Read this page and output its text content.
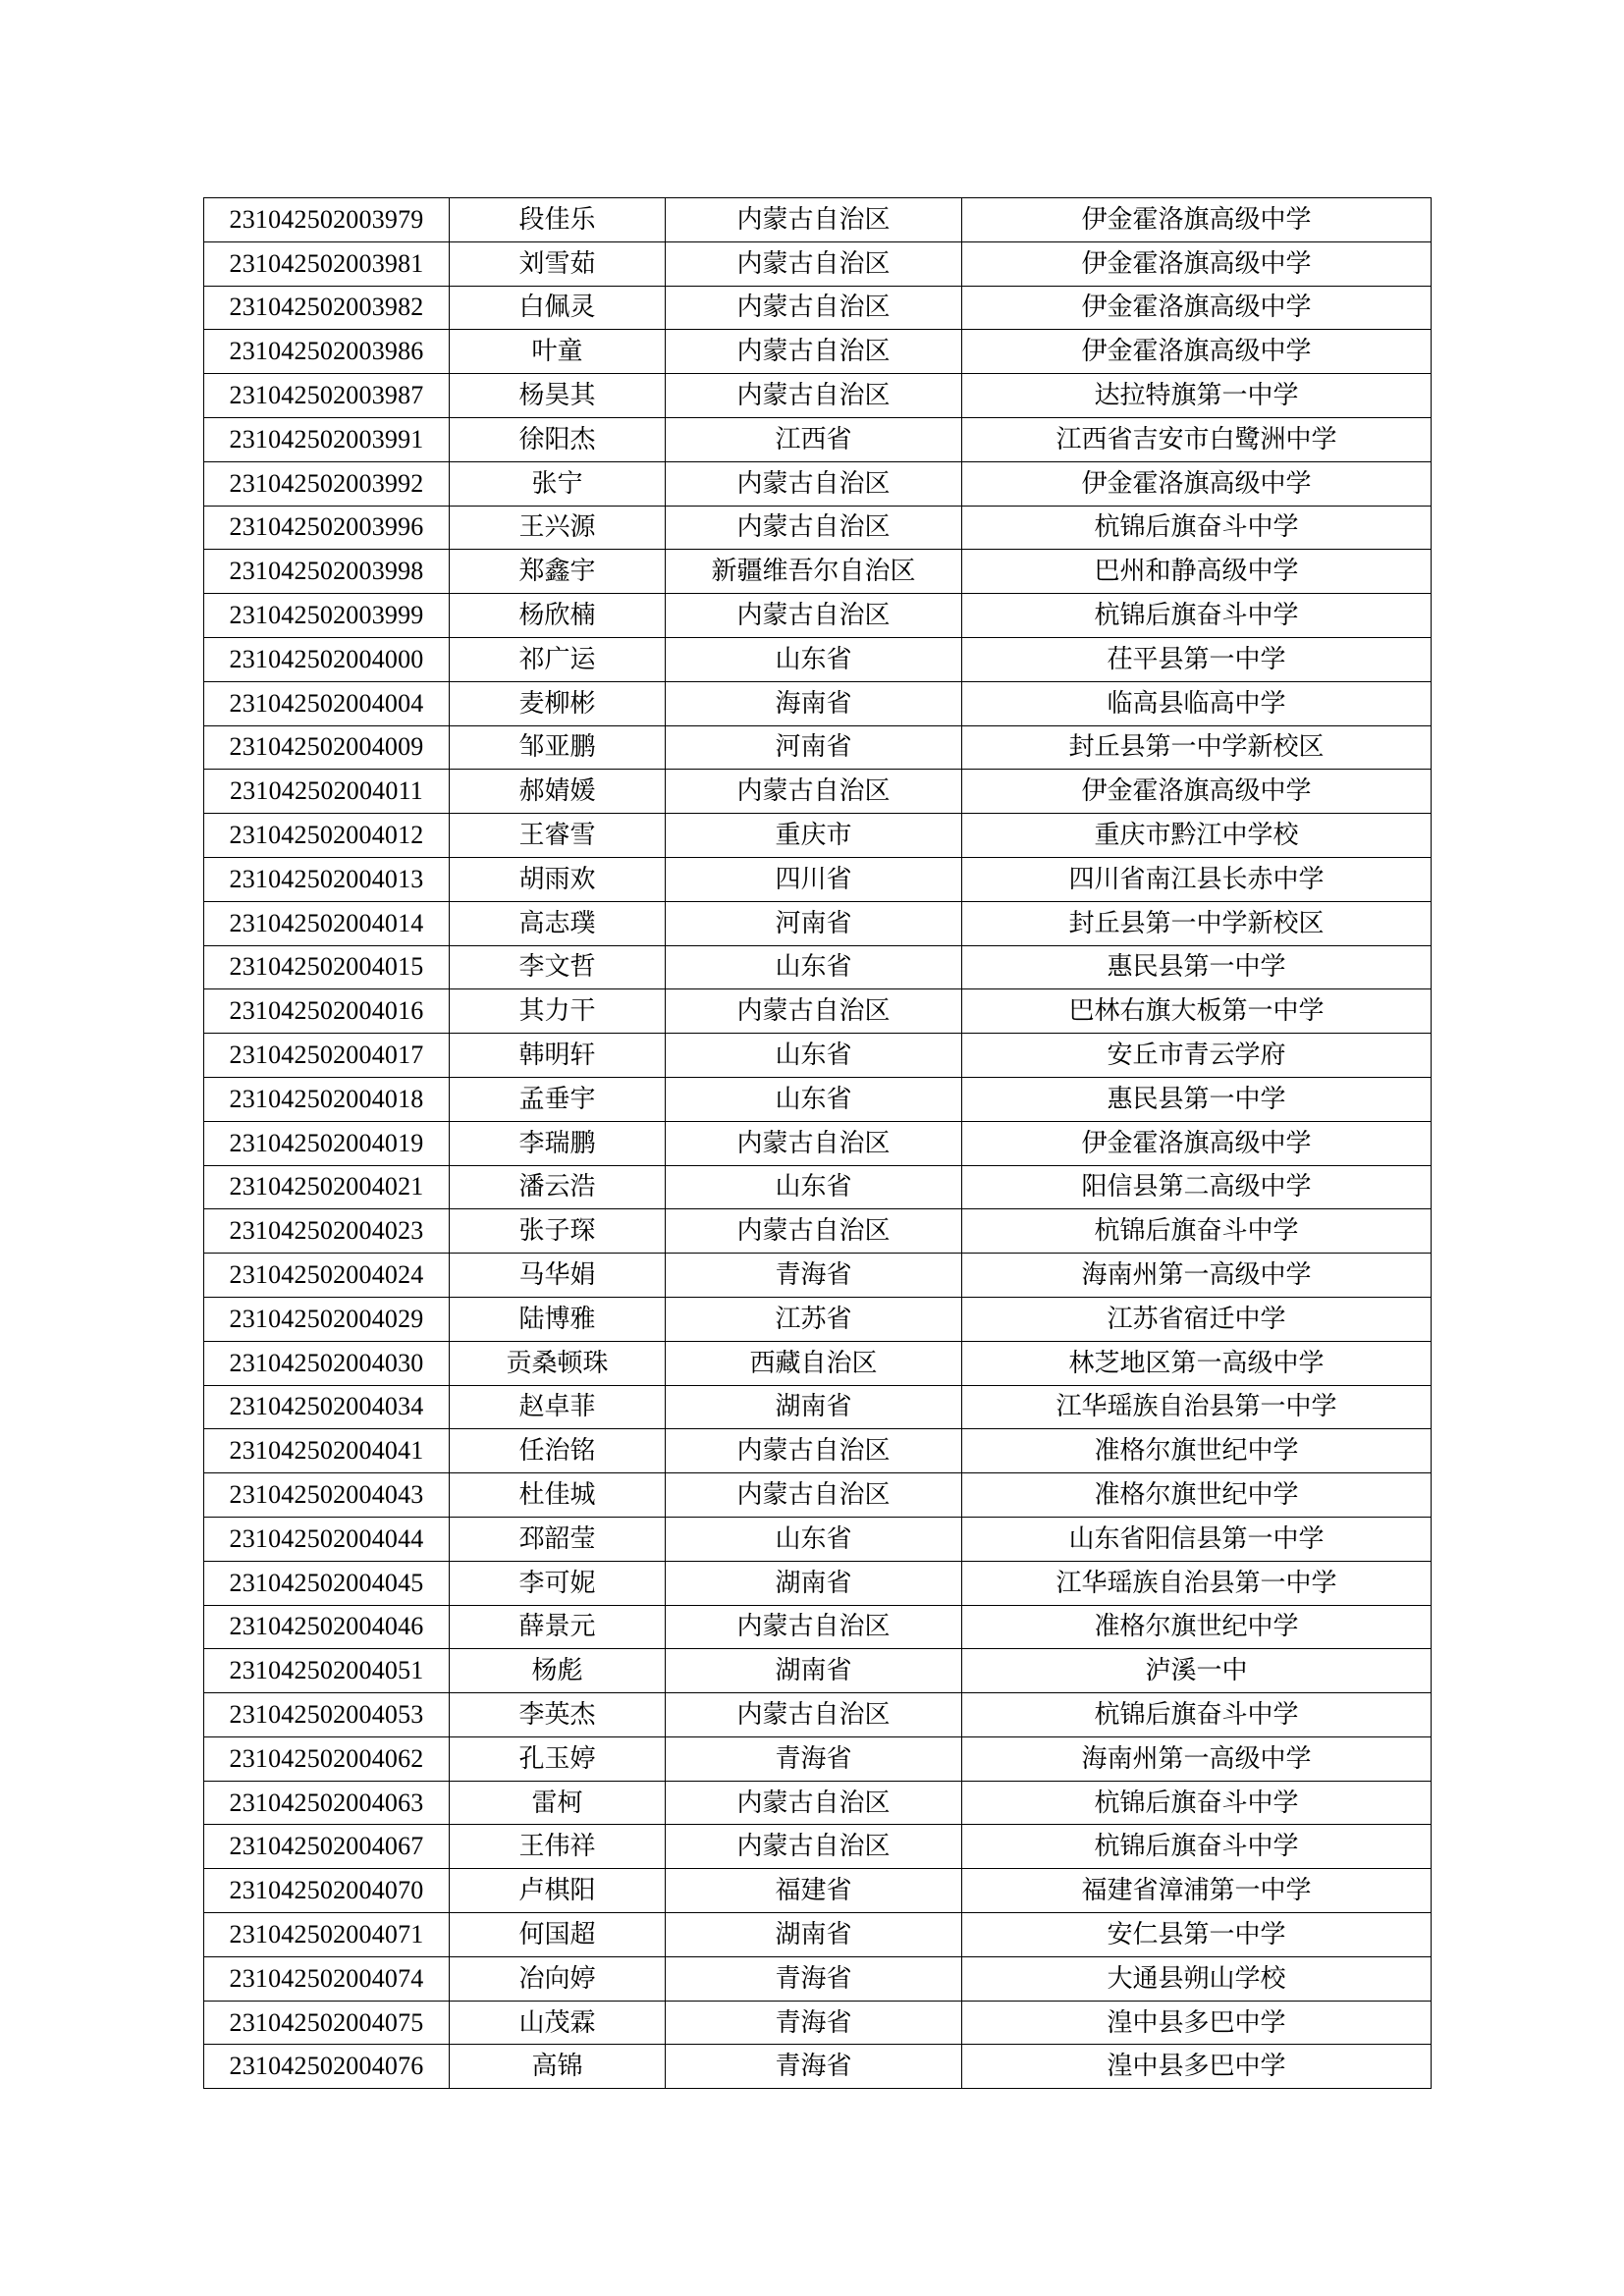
231042502003979	段佳乐	内蒙古自治区	伊金霍洛旗高级中学
231042502003981	刘雪茹	内蒙古自治区	伊金霍洛旗高级中学
231042502003982	白佩灵	内蒙古自治区	伊金霍洛旗高级中学
231042502003986	叶童	内蒙古自治区	伊金霍洛旗高级中学
231042502003987	杨昊其	内蒙古自治区	达拉特旗第一中学
231042502003991	徐阳杰	江西省	江西省吉安市白鹭洲中学
231042502003992	张宁	内蒙古自治区	伊金霍洛旗高级中学
231042502003996	王兴源	内蒙古自治区	杭锦后旗奋斗中学
231042502003998	郑鑫宇	新疆维吾尔自治区	巴州和静高级中学
231042502003999	杨欣楠	内蒙古自治区	杭锦后旗奋斗中学
231042502004000	祁广运	山东省	茌平县第一中学
231042502004004	麦柳彬	海南省	临高县临高中学
231042502004009	邹亚鹏	河南省	封丘县第一中学新校区
231042502004011	郝婧媛	内蒙古自治区	伊金霍洛旗高级中学
231042502004012	王睿雪	重庆市	重庆市黔江中学校
231042502004013	胡雨欢	四川省	四川省南江县长赤中学
231042502004014	高志璞	河南省	封丘县第一中学新校区
231042502004015	李文哲	山东省	惠民县第一中学
231042502004016	其力干	内蒙古自治区	巴林右旗大板第一中学
231042502004017	韩明轩	山东省	安丘市青云学府
231042502004018	孟垂宇	山东省	惠民县第一中学
231042502004019	李瑞鹏	内蒙古自治区	伊金霍洛旗高级中学
231042502004021	潘云浩	山东省	阳信县第二高级中学
231042502004023	张子琛	内蒙古自治区	杭锦后旗奋斗中学
231042502004024	马华娟	青海省	海南州第一高级中学
231042502004029	陆博雅	江苏省	江苏省宿迁中学
231042502004030	贡桑顿珠	西藏自治区	林芝地区第一高级中学
231042502004034	赵卓菲	湖南省	江华瑶族自治县第一中学
231042502004041	任治铭	内蒙古自治区	准格尔旗世纪中学
231042502004043	杜佳城	内蒙古自治区	准格尔旗世纪中学
231042502004044	邳韶莹	山东省	山东省阳信县第一中学
231042502004045	李可妮	湖南省	江华瑶族自治县第一中学
231042502004046	薛景元	内蒙古自治区	准格尔旗世纪中学
231042502004051	杨彪	湖南省	泸溪一中
231042502004053	李英杰	内蒙古自治区	杭锦后旗奋斗中学
231042502004062	孔玉婷	青海省	海南州第一高级中学
231042502004063	雷柯	内蒙古自治区	杭锦后旗奋斗中学
231042502004067	王伟祥	内蒙古自治区	杭锦后旗奋斗中学
231042502004070	卢棋阳	福建省	福建省漳浦第一中学
231042502004071	何国超	湖南省	安仁县第一中学
231042502004074	冶向婷	青海省	大通县朔山学校
231042502004075	山茂霖	青海省	湟中县多巴中学
231042502004076	高锦	青海省	湟中县多巴中学
